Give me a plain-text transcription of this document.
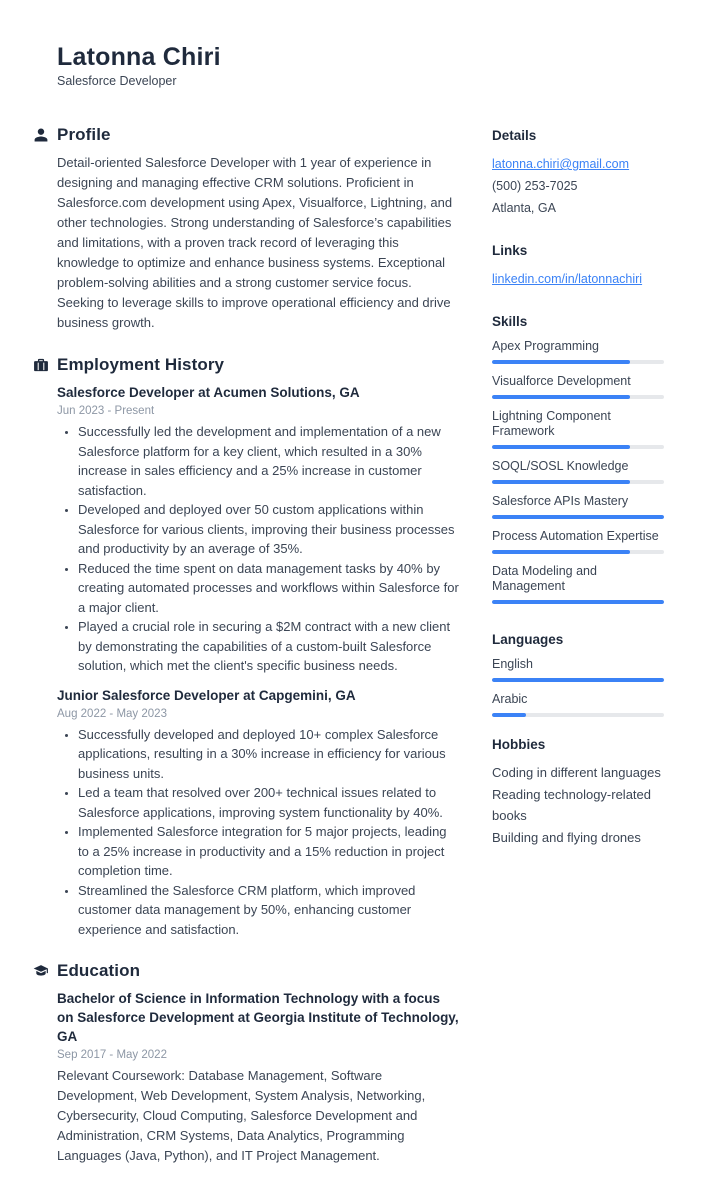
Latonna Chiri
Salesforce Developer
Profile

Detail-oriented Salesforce Developer with 1 year of experience in designing and managing effective CRM solutions. Proficient in Salesforce.com development using Apex, Visualforce, Lightning, and other technologies. Strong understanding of Salesforce’s capabilities and limitations, with a proven track record of leveraging this knowledge to optimize and enhance business systems. Exceptional problem-solving abilities and a strong customer service focus. Seeking to leverage skills to improve operational efficiency and drive business growth.

Employment History
Salesforce Developer at Acumen Solutions, GA
Jun 2023 - Present
• Successfully led the development and implementation of a new Salesforce platform for a key client, which resulted in a 30% increase in sales efficiency and a 25% increase in customer satisfaction.
• Developed and deployed over 50 custom applications within Salesforce for various clients, improving their business processes and productivity by an average of 35%.
• Reduced the time spent on data management tasks by 40% by creating automated processes and workflows within Salesforce for a major client.
• Played a crucial role in securing a $2M contract with a new client by demonstrating the capabilities of a custom-built Salesforce solution, which met the client's specific business needs.
Junior Salesforce Developer at Capgemini, GA
Aug 2022 - May 2023
• Successfully developed and deployed 10+ complex Salesforce applications, resulting in a 30% increase in efficiency for various business units.
• Led a team that resolved over 200+ technical issues related to Salesforce applications, improving system functionality by 40%.
• Implemented Salesforce integration for 5 major projects, leading to a 25% increase in productivity and a 15% reduction in project completion time.
• Streamlined the Salesforce CRM platform, which improved customer data management by 50%, enhancing customer experience and satisfaction.
Education
Bachelor of Science in Information Technology with a focus on Salesforce Development at Georgia Institute of Technology, GA
Sep 2017 - May 2022

Relevant Coursework: Database Management, Software Development, Web Development, System Analysis, Networking, Cybersecurity, Cloud Computing, Salesforce Development and Administration, CRM Systems, Data Analytics, Programming Languages (Java, Python), and IT Project Management.

Details
latonna.chiri@gmail.com
(500) 253-7025
Atlanta, GA
Links
linkedin.com/in/latonnachiri
Skills
Apex Programming
Visualforce Development
Lightning Component Framework
SOQL/SOSL Knowledge
Salesforce APIs Mastery
Process Automation Expertise
Data Modeling and Management
Languages
English
Arabic
Hobbies
Coding in different languages
Reading technology-related books
Building and flying drones
